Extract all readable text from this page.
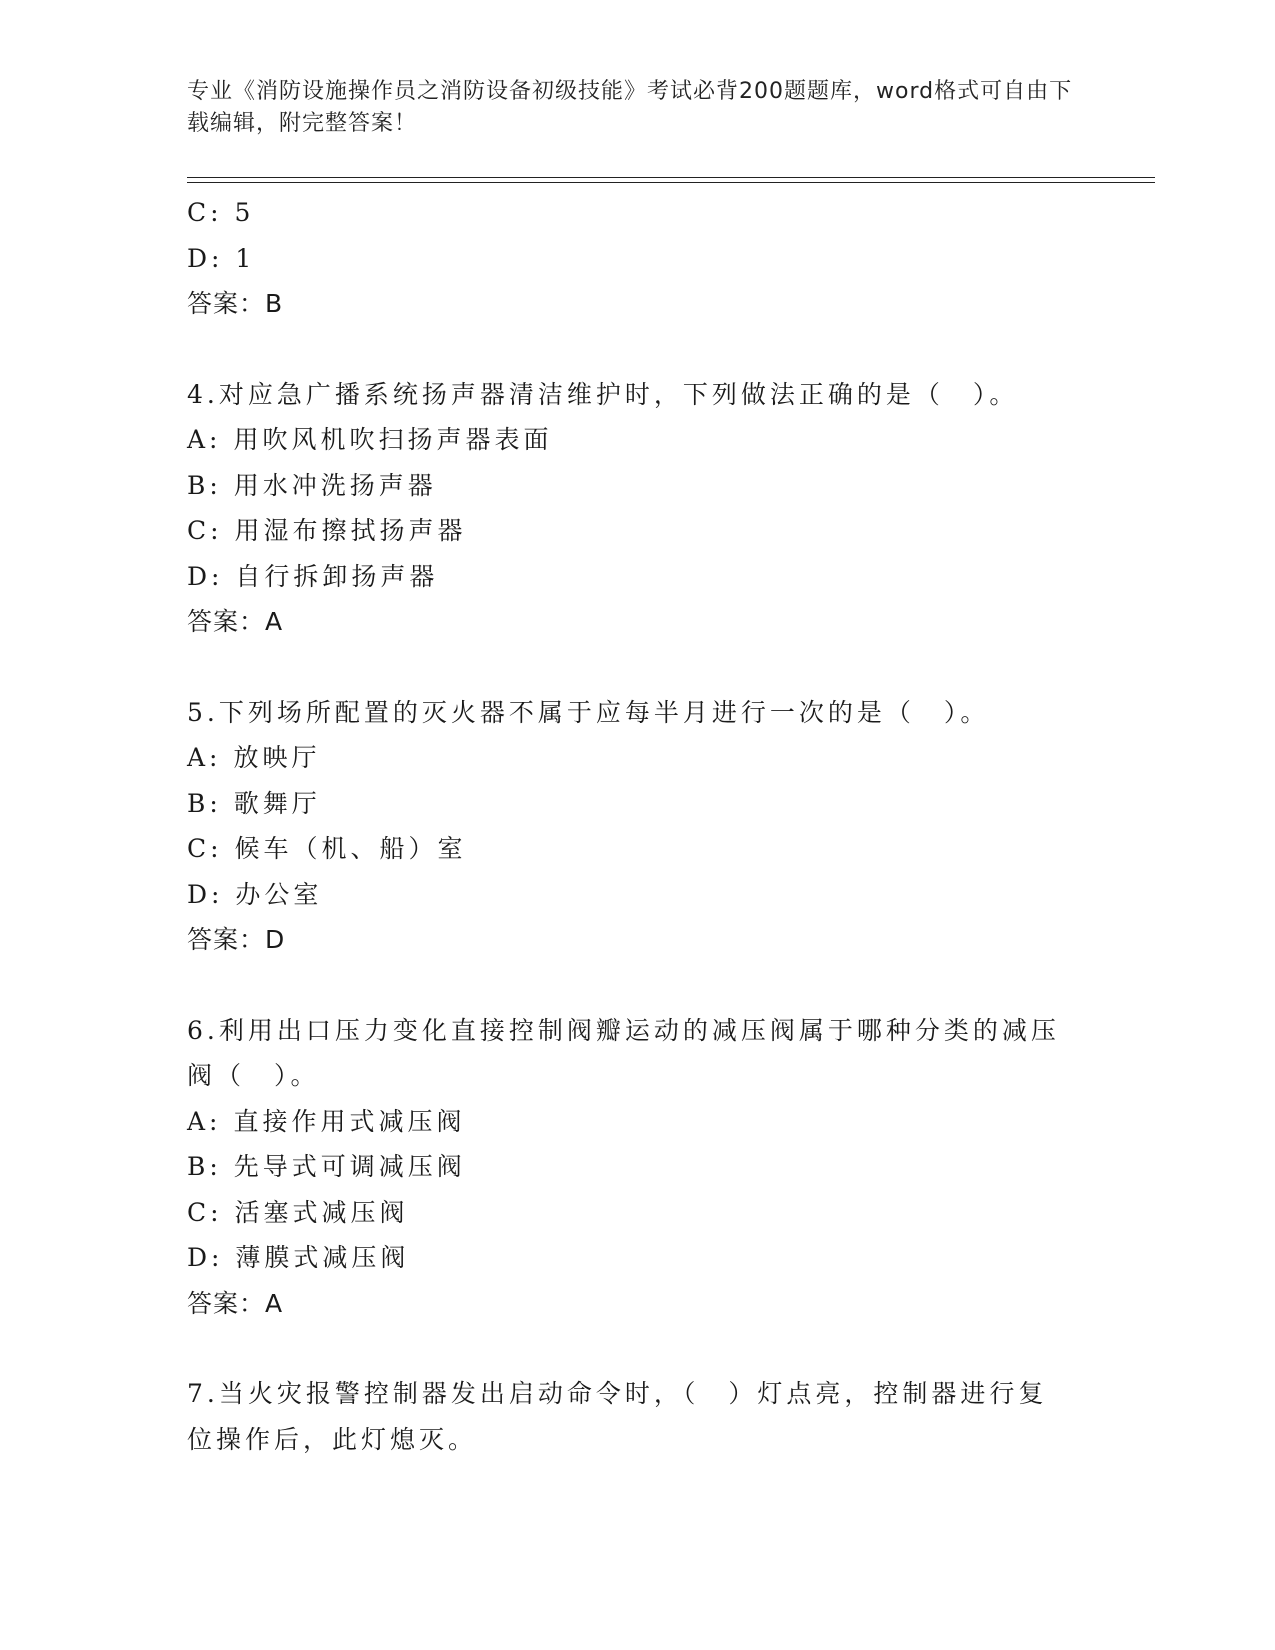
专业《消防设施操作员之消防设备初级技能》考试必背200题题库，word格式可自由下载编辑，附完整答案！
C: 5
D: 1
答案：B
4.对应急广播系统扬声器清洁维护时，下列做法正确的是（　）。
A: 用吹风机吹扫扬声器表面
B: 用水冲洗扬声器
C: 用湿布擦拭扬声器
D: 自行拆卸扬声器
答案：A
5.下列场所配置的灭火器不属于应每半月进行一次的是（　）。
A: 放映厅
B: 歌舞厅
C: 候车（机、船）室
D: 办公室
答案：D
6.利用出口压力变化直接控制阀瓣运动的减压阀属于哪种分类的减压阀（　）。
A: 直接作用式减压阀
B: 先导式可调减压阀
C: 活塞式减压阀
D: 薄膜式减压阀
答案：A
7.当火灾报警控制器发出启动命令时，（　）灯点亮，控制器进行复位操作后，此灯熄灭。
